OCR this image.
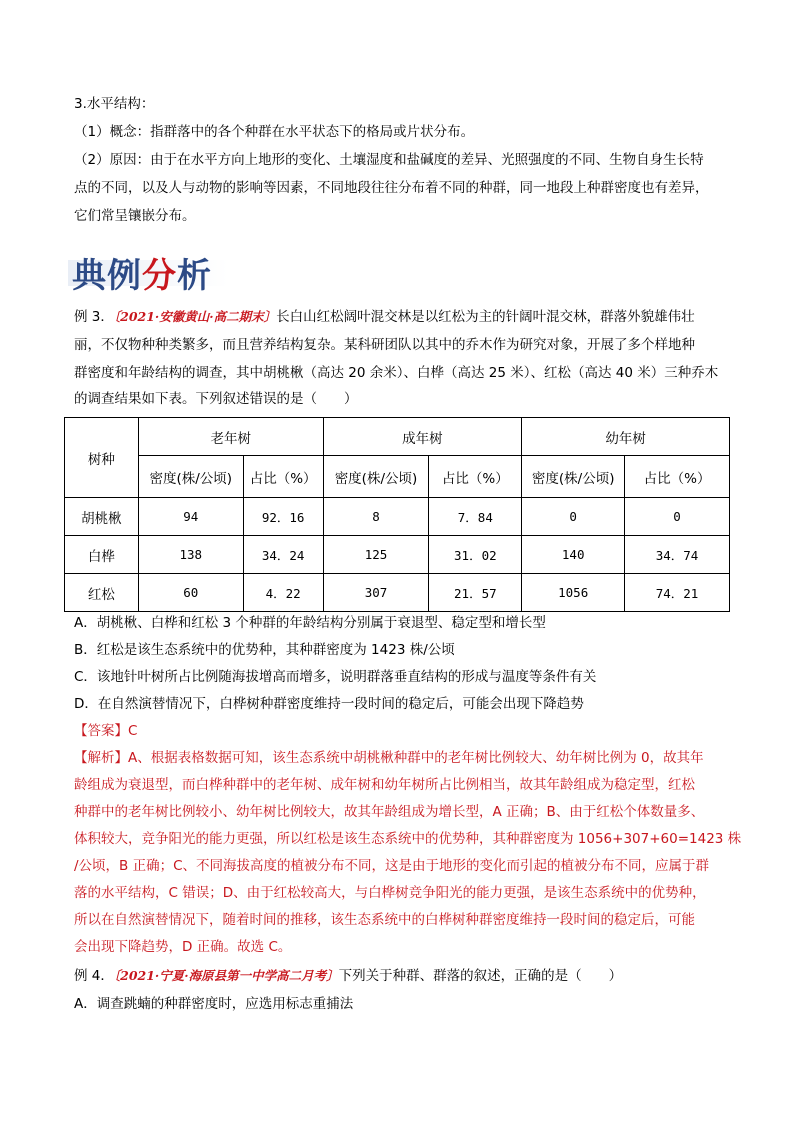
3.水平结构：

（1）概念：指群落中的各个种群在水平状态下的格局或片状分布。

（2）原因：由于在水平方向上地形的变化、土壤湿度和盐碱度的差异、光照强度的不同、生物自身生长特

点的不同，以及人与动物的影响等因素，不同地段往往分布着不同的种群，同一地段上种群密度也有差异，

它们常呈镶嵌分布。

典例分析

例 3．〔2021·安徽黄山·高二期末〕长白山红松阔叶混交林是以红松为主的针阔叶混交林，群落外貌雄伟壮

丽，不仅物种种类繁多，而且营养结构复杂。某科研团队以其中的乔木作为研究对象，开展了多个样地种

群密度和年龄结构的调查，其中胡桃楸（高达 20 余米）、白桦（高达 25 米）、红松（高达 40 米）三种乔木

的调查结果如下表。下列叙述错误的是（　　）

树种	老年树		成年树		幼年树	
	密度(株/公顷)	占比（%）	密度(株/公顷)	占比（%）	密度(株/公顷)	占比（%）
胡桃楸	94	92．16	8	7．84	0	0
白桦	138	34．24	125	31．02	140	34．74
红松	60	4．22	307	21．57	1056	74．21

A．胡桃楸、白桦和红松 3 个种群的年龄结构分别属于衰退型、稳定型和增长型

B．红松是该生态系统中的优势种，其种群密度为 1423 株/公顷

C．该地针叶树所占比例随海拔增高而增多，说明群落垂直结构的形成与温度等条件有关

D．在自然演替情况下，白桦树种群密度维持一段时间的稳定后，可能会出现下降趋势

【答案】C

【解析】A、根据表格数据可知，该生态系统中胡桃楸种群中的老年树比例较大、幼年树比例为 0，故其年

龄组成为衰退型，而白桦种群中的老年树、成年树和幼年树所占比例相当，故其年龄组成为稳定型，红松

种群中的老年树比例较小、幼年树比例较大，故其年龄组成为增长型，A 正确；B、由于红松个体数量多、

体积较大，竞争阳光的能力更强，所以红松是该生态系统中的优势种，其种群密度为 1056+307+60=1423 株

/公顷，B 正确；C、不同海拔高度的植被分布不同，这是由于地形的变化而引起的植被分布不同，应属于群

落的水平结构，C 错误；D、由于红松较高大，与白桦树竞争阳光的能力更强，是该生态系统中的优势种，

所以在自然演替情况下，随着时间的推移，该生态系统中的白桦树种群密度维持一段时间的稳定后，可能

会出现下降趋势，D 正确。故选 C。

例 4．〔2021·宁夏·海原县第一中学高二月考〕下列关于种群、群落的叙述，正确的是（　　）

A．调查跳蝻的种群密度时，应选用标志重捕法
